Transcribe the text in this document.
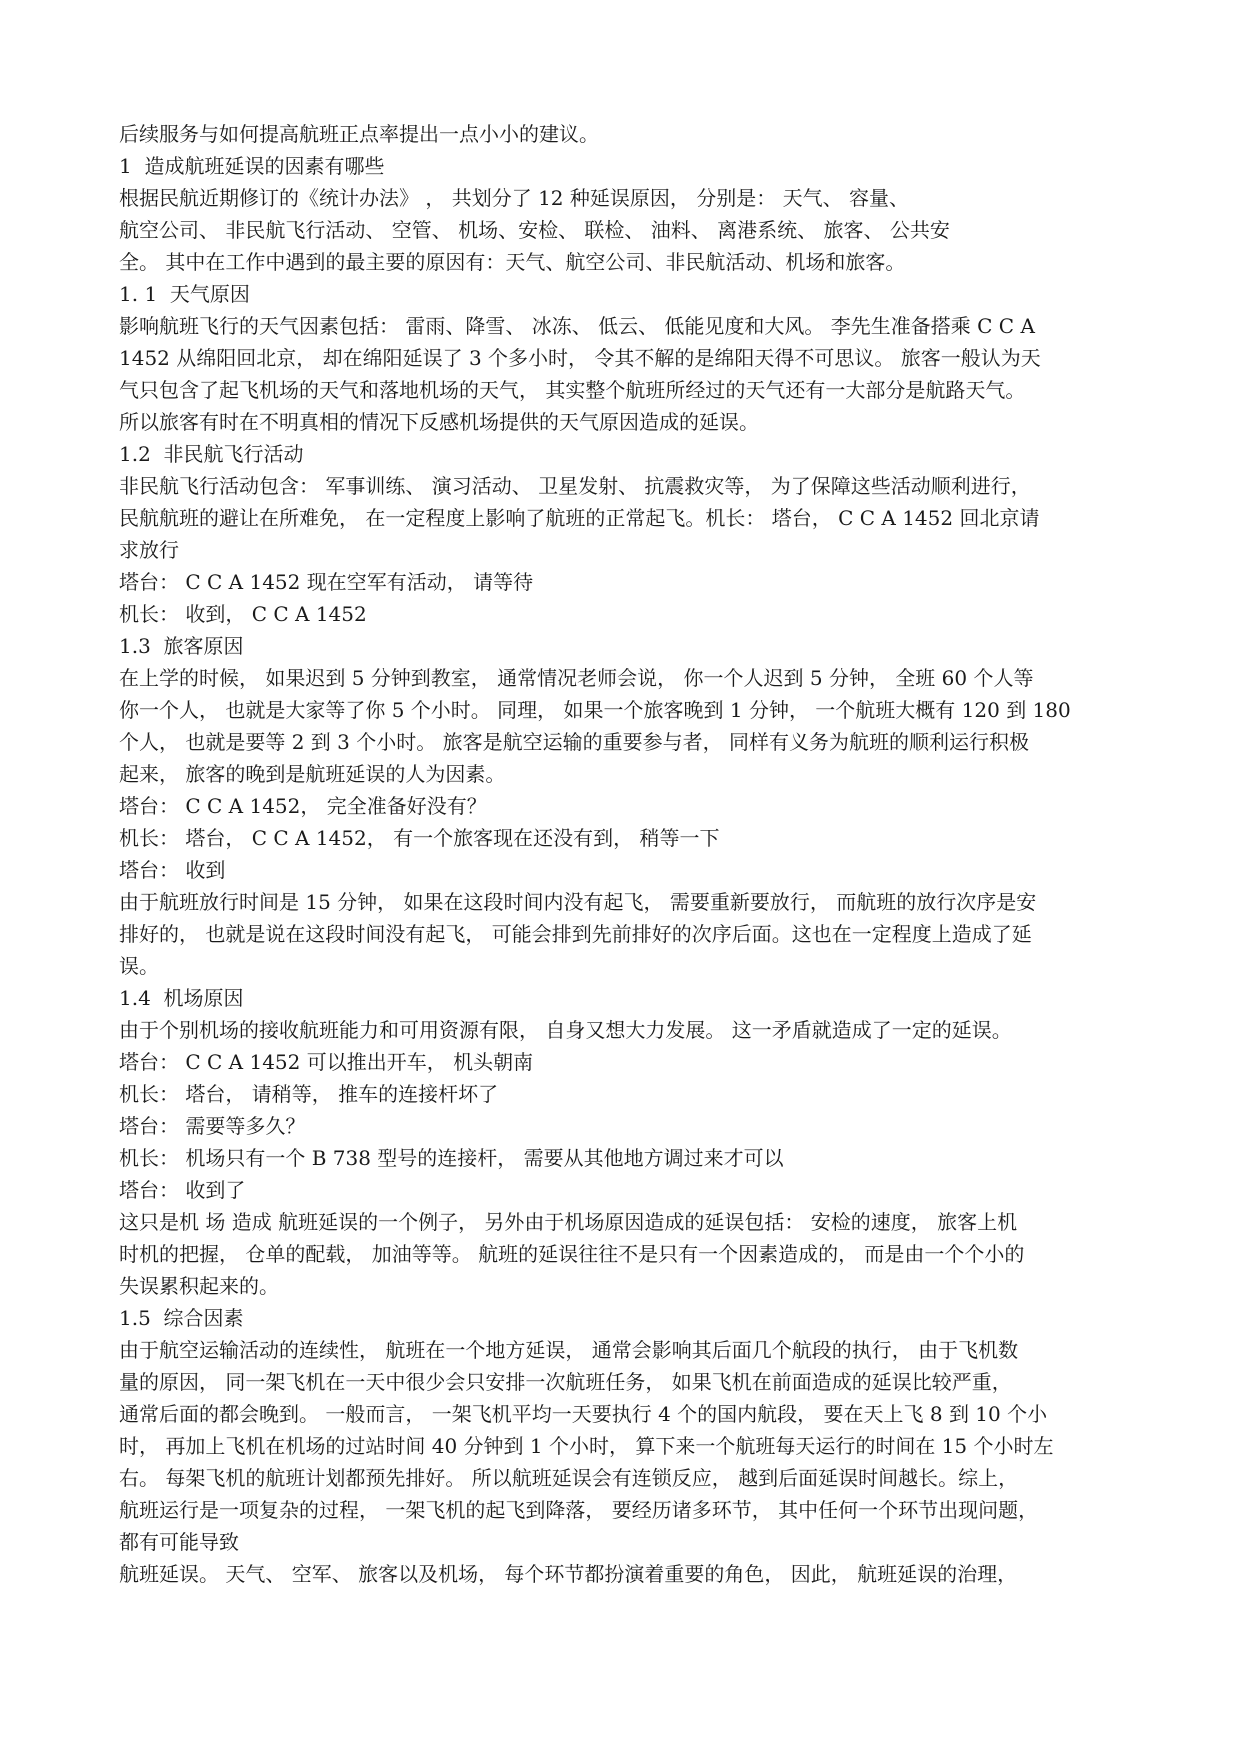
后续服务与如何提高航班正点率提出一点小小的建议。
1  造成航班延误的因素有哪些
根据民航近期修订的《统计办法》 ， 共划分了 12 种延误原因， 分别是： 天气、 容量、
航空公司、 非民航飞行活动、 空管、 机场、安检、 联检、 油料、 离港系统、 旅客、 公共安
全。 其中在工作中遇到的最主要的原因有：天气、航空公司、非民航活动、机场和旅客。
1. 1  天气原因
影响航班飞行的天气因素包括： 雷雨、降雪、 冰冻、 低云、 低能见度和大风。 李先生准备搭乘 C C A
1452 从绵阳回北京， 却在绵阳延误了 3 个多小时， 令其不解的是绵阳天得不可思议。 旅客一般认为天
气只包含了起飞机场的天气和落地机场的天气， 其实整个航班所经过的天气还有一大部分是航路天气。
所以旅客有时在不明真相的情况下反感机场提供的天气原因造成的延误。
1.2  非民航飞行活动
非民航飞行活动包含： 军事训练、 演习活动、 卫星发射、 抗震救灾等， 为了保障这些活动顺利进行，
民航航班的避让在所难免， 在一定程度上影响了航班的正常起飞。机长： 塔台， C C A 1452 回北京请
求放行
塔台： C C A 1452 现在空军有活动， 请等待
机长： 收到， C C A 1452
1.3  旅客原因
在上学的时候， 如果迟到 5 分钟到教室， 通常情况老师会说， 你一个人迟到 5 分钟， 全班 60 个人等
你一个人， 也就是大家等了你 5 个小时。 同理， 如果一个旅客晚到 1 分钟， 一个航班大概有 120 到 180
个人， 也就是要等 2 到 3 个小时。 旅客是航空运输的重要参与者， 同样有义务为航班的顺利运行积极
起来， 旅客的晚到是航班延误的人为因素。
塔台： C C A 1452， 完全准备好没有？
机长： 塔台， C C A 1452， 有一个旅客现在还没有到， 稍等一下
塔台： 收到
由于航班放行时间是 15 分钟， 如果在这段时间内没有起飞， 需要重新要放行， 而航班的放行次序是安
排好的， 也就是说在这段时间没有起飞， 可能会排到先前排好的次序后面。这也在一定程度上造成了延
误。
1.4  机场原因
由于个别机场的接收航班能力和可用资源有限， 自身又想大力发展。 这一矛盾就造成了一定的延误。
塔台： C C A 1452 可以推出开车， 机头朝南
机长： 塔台， 请稍等， 推车的连接杆坏了
塔台： 需要等多久？
机长： 机场只有一个 B 738 型号的连接杆， 需要从其他地方调过来才可以
塔台： 收到了
这只是机 场 造成 航班延误的一个例子， 另外由于机场原因造成的延误包括： 安检的速度， 旅客上机
时机的把握， 仓单的配载， 加油等等。 航班的延误往往不是只有一个因素造成的， 而是由一个个小的
失误累积起来的。
1.5  综合因素
由于航空运输活动的连续性， 航班在一个地方延误， 通常会影响其后面几个航段的执行， 由于飞机数
量的原因， 同一架飞机在一天中很少会只安排一次航班任务， 如果飞机在前面造成的延误比较严重，
通常后面的都会晚到。 一般而言， 一架飞机平均一天要执行 4 个的国内航段， 要在天上飞 8 到 10 个小
时， 再加上飞机在机场的过站时间 40 分钟到 1 个小时， 算下来一个航班每天运行的时间在 15 个小时左
右。 每架飞机的航班计划都预先排好。 所以航班延误会有连锁反应， 越到后面延误时间越长。综上，
航班运行是一项复杂的过程， 一架飞机的起飞到降落， 要经历诸多环节， 其中任何一个环节出现问题，
都有可能导致
航班延误。 天气、 空军、 旅客以及机场， 每个环节都扮演着重要的角色， 因此， 航班延误的治理，
